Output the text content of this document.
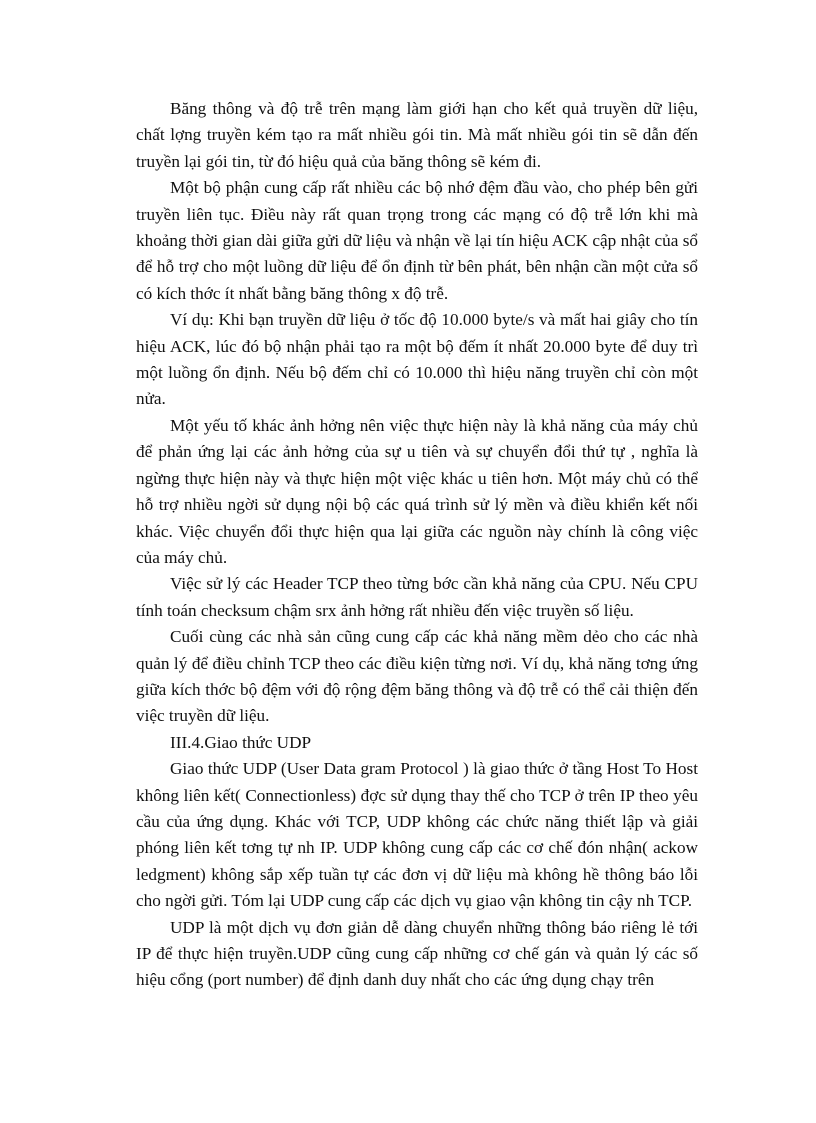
Băng thông và độ trễ trên mạng làm giới hạn cho kết quả truyền dữ liệu, chất lợng truyền kém tạo ra mất nhiều gói tin. Mà mất nhiều gói tin sẽ dẫn đến truyền lại gói tin, từ đó hiệu quả của băng thông sẽ kém đi.

Một bộ phận cung cấp rất nhiều các bộ nhớ đệm đầu vào, cho phép bên gửi truyền liên tục. Điều này rất quan trọng trong các mạng có độ trễ lớn khi mà khoảng thời gian dài giữa gửi dữ liệu và nhận về lại tín hiệu ACK cập nhật của sổ để hỗ trợ cho một luồng dữ liệu để ổn định từ bên phát, bên nhận cần một cửa sổ có kích thớc ít nhất bằng băng thông x độ trễ.

Ví dụ: Khi bạn truyền dữ liệu ở tốc độ 10.000 byte/s và mất hai giây cho tín hiệu ACK, lúc đó bộ nhận phải tạo ra một bộ đếm ít nhất 20.000 byte để duy trì một luồng ổn định. Nếu bộ đếm chỉ có 10.000 thì hiệu năng truyền chỉ còn một nửa.

Một yếu tố khác ảnh hởng nên việc thực hiện này là khả năng của máy chủ để phản ứng lại các ảnh hởng của sự u tiên và sự chuyển đổi thứ tự , nghĩa là ngừng thực hiện này và thực hiện một việc khác u tiên hơn. Một máy chủ có thể hỗ trợ nhiều ngời sử dụng nội bộ các quá trình sử lý mền và điều khiển kết nối khác. Việc chuyển đổi thực hiện qua lại giữa các nguồn này chính là công việc của máy chủ.

Việc sử lý các Header TCP theo từng bớc cần khả năng của CPU. Nếu CPU tính toán checksum chậm srx ảnh hởng rất nhiều đến việc truyền số liệu.

Cuối cùng các nhà sản cũng cung cấp các khả năng mềm dẻo cho các nhà quản lý để điều chỉnh TCP theo các điều kiện từng nơi. Ví dụ, khả năng tơng ứng giữa kích thớc bộ đệm với độ rộng đệm băng thông và độ trễ có thể cải thiện đến việc truyền dữ liệu.

III.4.Giao thức UDP

Giao thức UDP (User Data gram Protocol ) là giao thức ở tầng Host To Host không liên kết( Connectionless) đợc sử dụng thay thế cho TCP ở trên IP theo yêu cầu của ứng dụng. Khác với TCP, UDP không các chức năng thiết lập và giải phóng liên kết tơng tự nh IP. UDP không cung cấp các cơ chế đón nhận( ackow ledgment) không sắp xếp tuần tự các đơn vị dữ liệu mà không hề thông báo lỗi cho ngời gửi. Tóm lại UDP cung cấp các dịch vụ giao vận không tin cậy nh TCP.

UDP là một dịch vụ đơn giản dễ dàng chuyển những thông báo riêng lẻ tới IP để thực hiện truyền.UDP cũng cung cấp những cơ chế gán và quản lý các số hiệu cổng (port number) để định danh duy nhất cho các ứng dụng chạy trên
